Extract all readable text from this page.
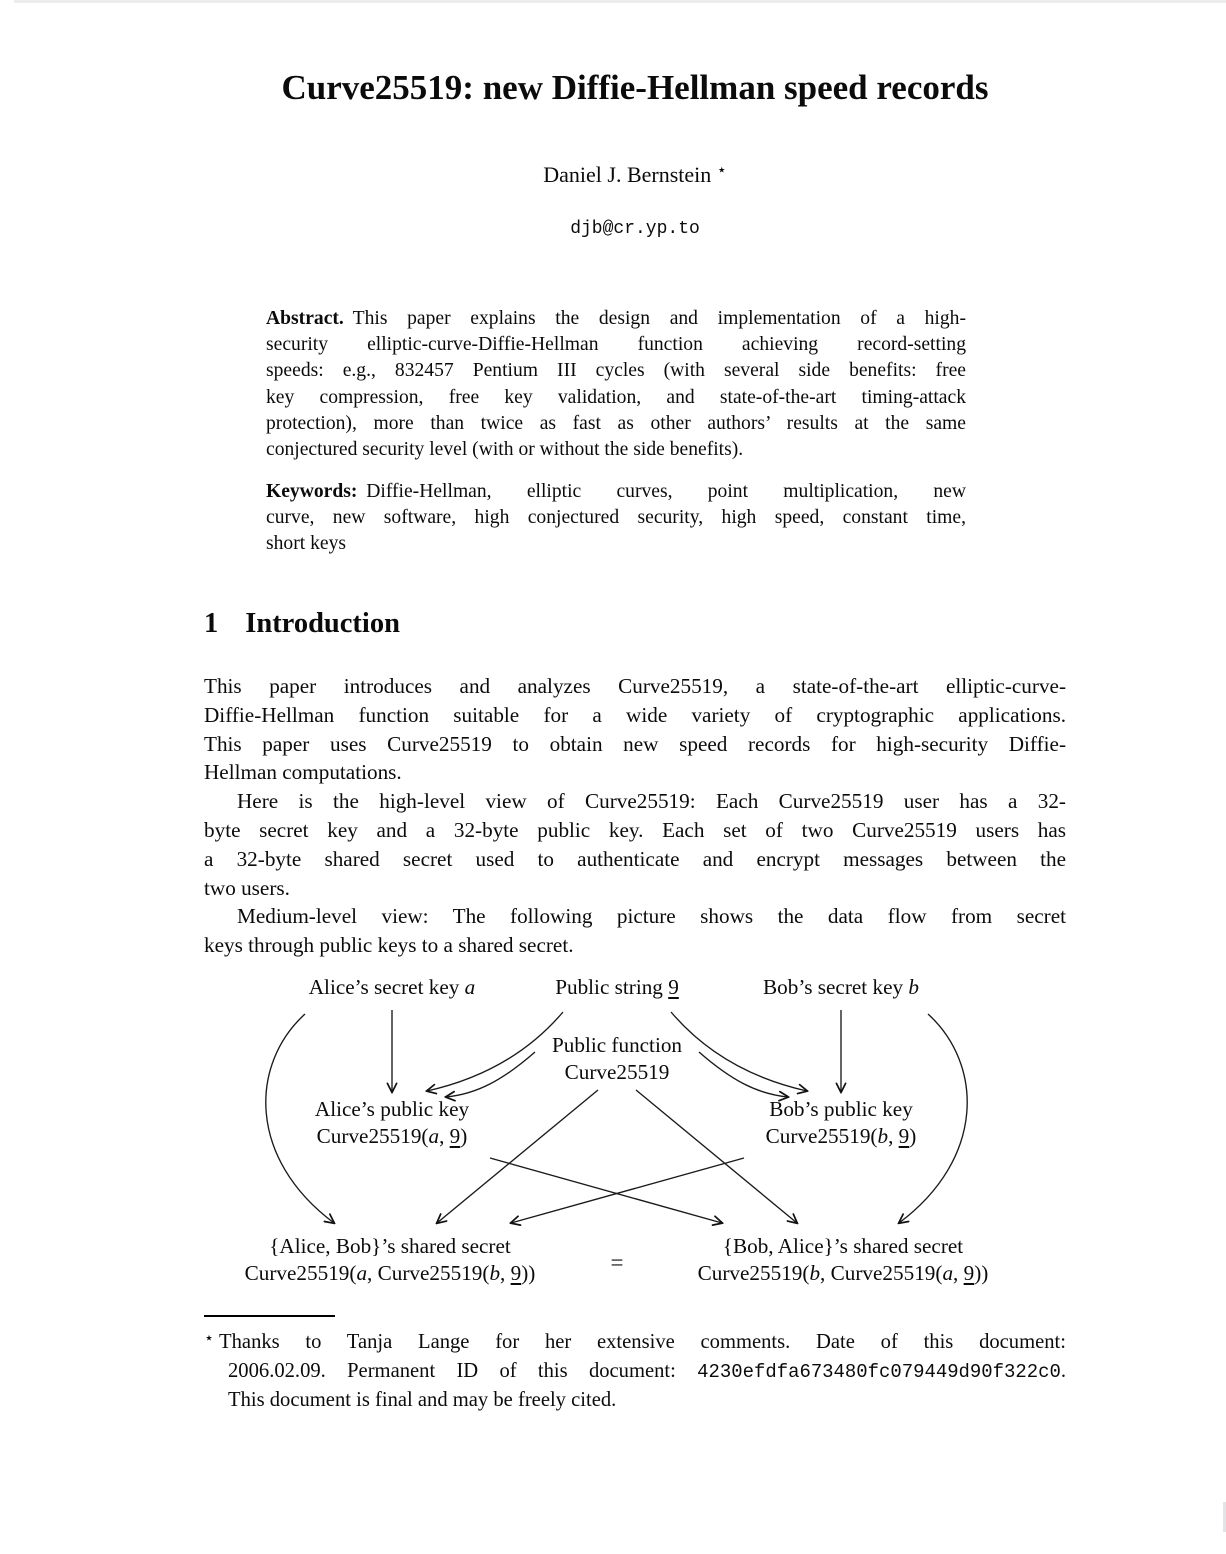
Curve25519: new Diffie-Hellman speed records
Daniel J. Bernstein ⋆
djb@cr.yp.to
Abstract. This paper explains the design and implementation of a high-
security elliptic-curve-Diffie-Hellman function achieving record-setting
speeds: e.g., 832457 Pentium III cycles (with several side benefits: free
key compression, free key validation, and state-of-the-art timing-attack
protection), more than twice as fast as other authors’ results at the same
conjectured security level (with or without the side benefits).
Keywords: Diffie-Hellman, elliptic curves, point multiplication, new
curve, new software, high conjectured security, high speed, constant time,
short keys
1 Introduction
This paper introduces and analyzes Curve25519, a state-of-the-art elliptic-curve-
Diffie-Hellman function suitable for a wide variety of cryptographic applications.
This paper uses Curve25519 to obtain new speed records for high-security Diffie-
Hellman computations.
Here is the high-level view of Curve25519: Each Curve25519 user has a 32-
byte secret key and a 32-byte public key. Each set of two Curve25519 users has
a 32-byte shared secret used to authenticate and encrypt messages between the
two users.
Medium-level view: The following picture shows the data flow from secret
keys through public keys to a shared secret.
Alice’s secret key a	Public string 9	Bob’s secret key b
Public function
Curve25519
Alice’s public key
Curve25519(a, 9)
Bob’s public key
Curve25519(b, 9)
{Alice, Bob}’s shared secret
Curve25519(a, Curve25519(b, 9))
{Bob, Alice}’s shared secret
Curve25519(b, Curve25519(a, 9))
=
⋆ Thanks to Tanja Lange for her extensive comments. Date of this document:
2006.02.09. Permanent ID of this document: 4230efdfa673480fc079449d90f322c0.
This document is final and may be freely cited.
